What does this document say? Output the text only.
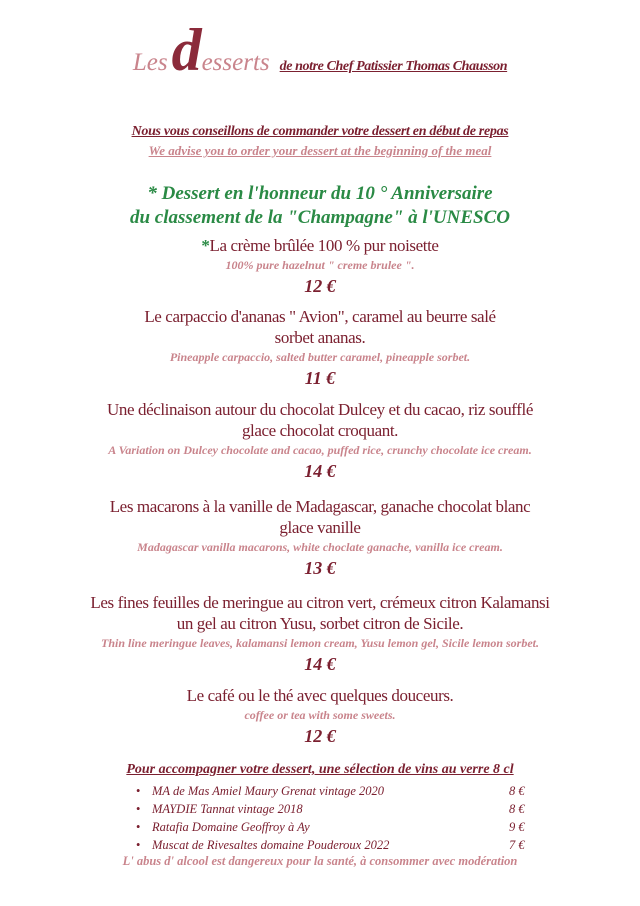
Les desserts de notre Chef Patissier Thomas Chausson
Nous vous conseillons de commander votre dessert en début de repas
We advise you to order your dessert at the beginning of the meal
* Dessert en l'honneur du 10 ° Anniversaire
du classement de la "Champagne" à l'UNESCO
*La crème brûlée 100 % pur noisette
100% pure hazelnut " creme brulee ".
12 €
Le carpaccio d'ananas " Avion", caramel au beurre salé
sorbet ananas.
Pineapple carpaccio, salted butter caramel, pineapple sorbet.
11 €
Une déclinaison autour du chocolat Dulcey et du cacao, riz soufflé
glace chocolat croquant.
A Variation on Dulcey chocolate and cacao, puffed rice, crunchy chocolate ice cream.
14 €
Les macarons à la vanille de Madagascar, ganache chocolat blanc
glace vanille
Madagascar vanilla macarons, white choclate ganache, vanilla ice cream.
13 €
Les fines feuilles de meringue au citron vert, crémeux citron Kalamansi
un gel au citron Yusu, sorbet citron de Sicile.
Thin line meringue leaves, kalamansi lemon cream, Yusu lemon gel, Sicile lemon sorbet.
14 €
Le café ou le thé avec quelques douceurs.
coffee or tea with some sweets.
12 €
Pour accompagner votre dessert, une sélection de vins au verre 8 cl
• MA de Mas Amiel Maury Grenat vintage 2020	8 €
• MAYDIE Tannat vintage 2018	8 €
• Ratafia Domaine Geoffroy à Ay	9 €
• Muscat de Rivesaltes domaine Pouderoux 2022	7 €
L' abus d' alcool est dangereux pour la santé, à consommer avec modération
